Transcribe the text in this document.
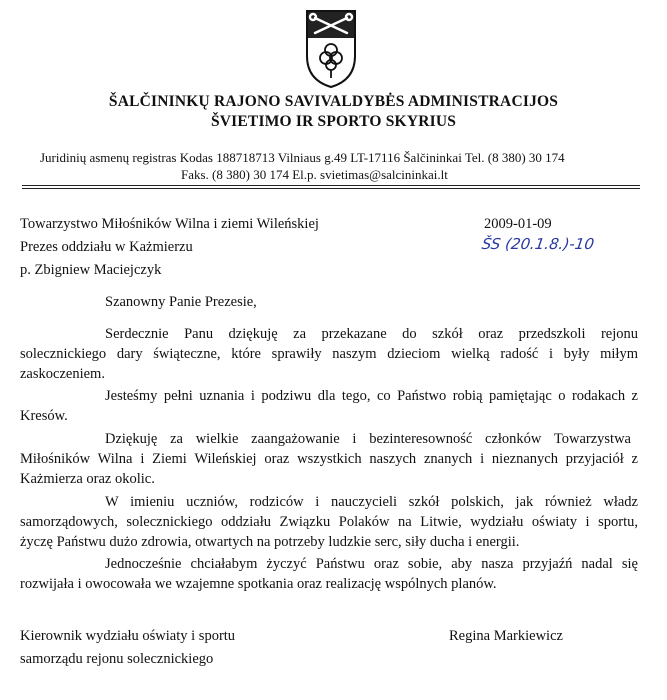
ŠALČININKŲ RAJONO SAVIVALDYBĖS ADMINISTRACIJOS
ŠVIETIMO IR SPORTO SKYRIUS
Juridinių asmenų registras Kodas 188718713 Vilniaus g.49 LT-17116 Šalčininkai Tel. (8 380) 30 174
Faks. (8 380) 30 174 El.p. svietimas@salcininkai.lt
Towarzystwo Miłośników Wilna i ziemi Wileńskiej
Prezes oddziału w Każmierzu
p. Zbigniew Maciejczyk
2009-01-09
ŠS (20.1.8.)-10
Szanowny Panie Prezesie,
Serdecznie Panu dziękuję za przekazane do szkół oraz przedszkoli rejonu
solecznickiego dary świąteczne, które sprawiły naszym dzieciom wielką radość i były miłym
zaskoczeniem.
Jesteśmy pełni uznania i podziwu dla tego, co Państwo robią pamiętając o rodakach z
Kresów.
Dziękuję za wielkie zaangażowanie i bezinteresowność członków Towarzystwa
Miłośników Wilna i Ziemi Wileńskiej oraz wszystkich naszych znanych i nieznanych przyjaciół z
Każmierza oraz okolic.
W imieniu uczniów, rodziców i nauczycieli szkół polskich, jak również władz
samorządowych, solecznickiego oddziału Związku Polaków na Litwie, wydziału oświaty i sportu,
życzę Państwu dużo zdrowia, otwartych na potrzeby ludzkie serc, siły ducha i energii.
Jednocześnie chciałabym życzyć Państwu oraz sobie, aby nasza przyjaźń nadal się
rozwijała i owocowała we wzajemne spotkania oraz realizację wspólnych planów.
Kierownik wydziału oświaty i sportu
samorządu rejonu solecznickiego
Regina Markiewicz
